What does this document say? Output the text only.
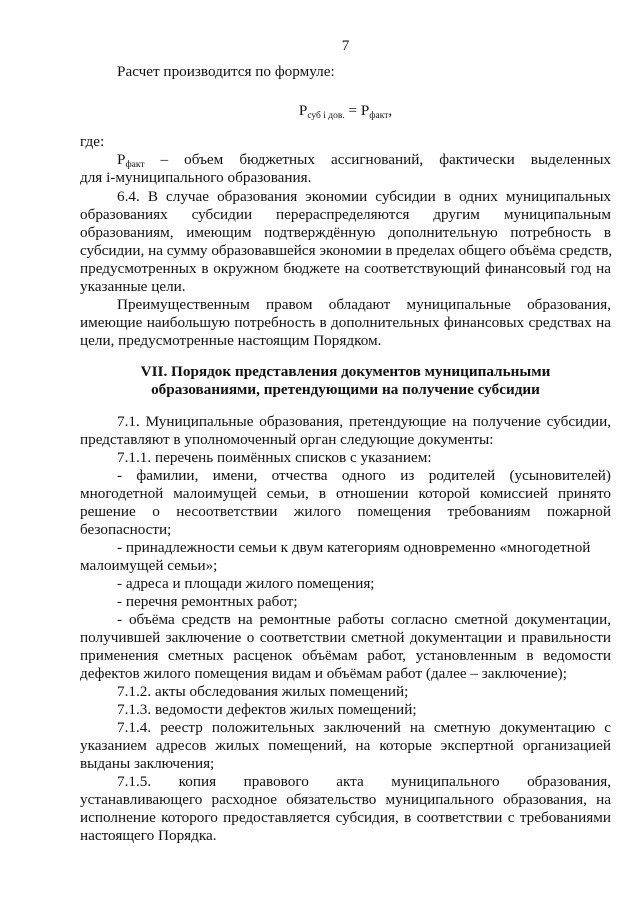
7
Расчет производится по формуле:
$Р_{суб i дов.} = Р_{факт}$,
где:
$Р_{факт}$ – объем бюджетных ассигнований, фактически выделенных
для i-муниципального образования.
6.4. В случае образования экономии субсидии в одних муниципальных
образованиях субсидии перераспределяются другим муниципальным
образованиям, имеющим подтверждённую дополнительную потребность в
субсидии, на сумму образовавшейся экономии в пределах общего объёма средств,
предусмотренных в окружном бюджете на соответствующий финансовый год на
указанные цели.
Преимущественным правом обладают муниципальные образования,
имеющие наибольшую потребность в дополнительных финансовых средствах на
цели, предусмотренные настоящим Порядком.
VII. Порядок представления документов муниципальными
образованиями, претендующими на получение субсидии
7.1. Муниципальные образования, претендующие на получение субсидии,
представляют в уполномоченный орган следующие документы:
7.1.1. перечень поимённых списков с указанием:
- фамилии, имени, отчества одного из родителей (усыновителей)
многодетной малоимущей семьи, в отношении которой комиссией принято
решение о несоответствии жилого помещения требованиям пожарной
безопасности;
- принадлежности семьи к двум категориям одновременно «многодетной
малоимущей семьи»;
- адреса и площади жилого помещения;
- перечня ремонтных работ;
- объёма средств на ремонтные работы согласно сметной документации,
получившей заключение о соответствии сметной документации и правильности
применения сметных расценок объёмам работ, установленным в ведомости
дефектов жилого помещения видам и объёмам работ (далее – заключение);
7.1.2. акты обследования жилых помещений;
7.1.3. ведомости дефектов жилых помещений;
7.1.4. реестр положительных заключений на сметную документацию с
указанием адресов жилых помещений, на которые экспертной организацией
выданы заключения;
7.1.5. копия правового акта муниципального образования,
устанавливающего расходное обязательство муниципального образования, на
исполнение которого предоставляется субсидия, в соответствии с требованиями
настоящего Порядка.
